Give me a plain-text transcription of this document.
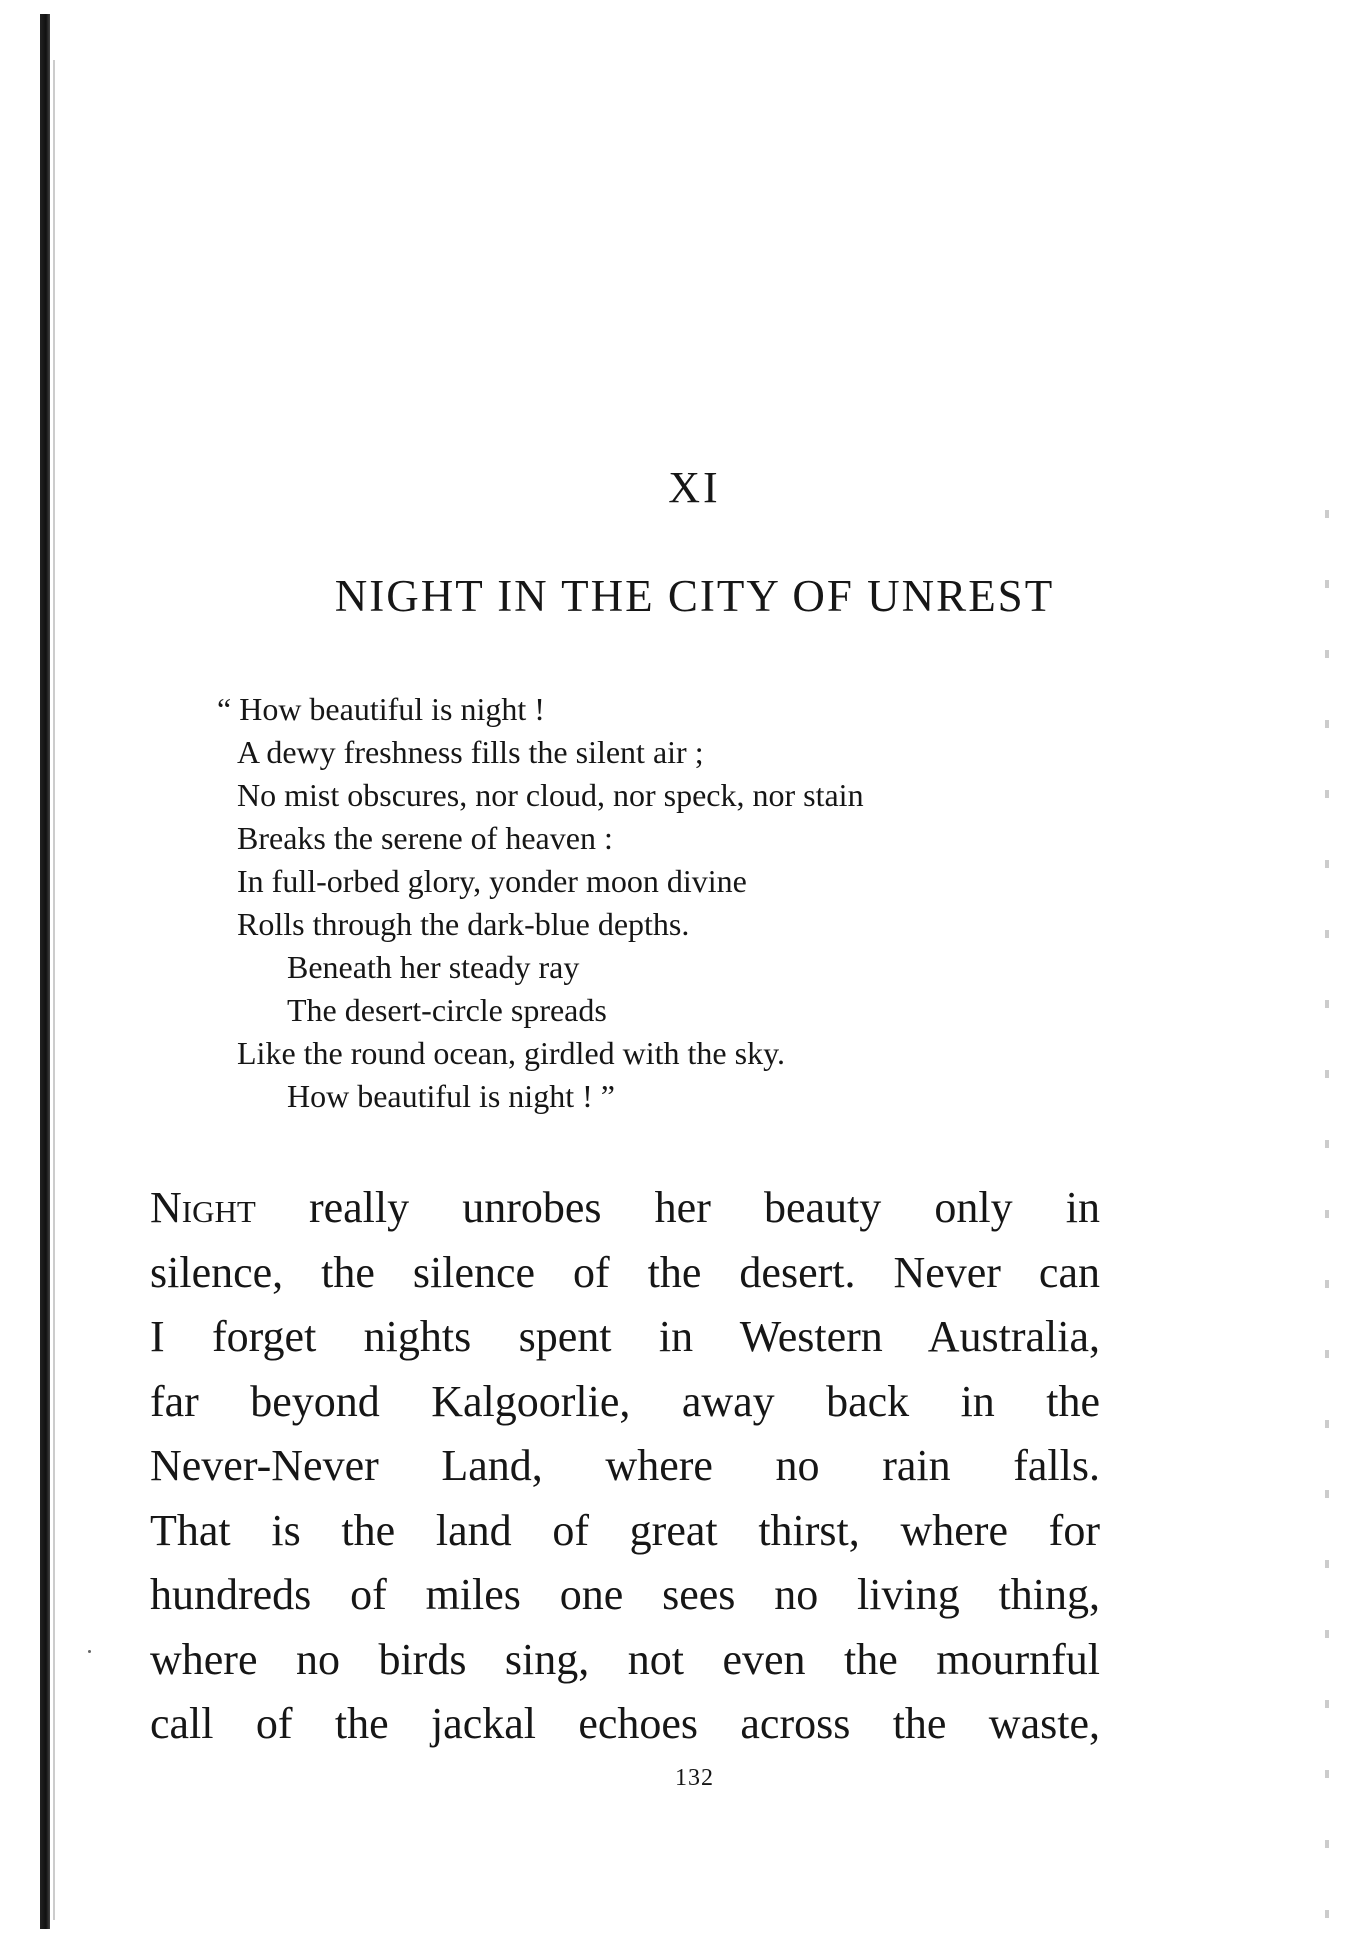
XI
NIGHT IN THE CITY OF UNREST
“ How beautiful is night !
A dewy freshness fills the silent air ;
No mist obscures, nor cloud, nor speck, nor stain
Breaks the serene of heaven :
In full-orbed glory, yonder moon divine
Rolls through the dark-blue depths.
Beneath her steady ray
The desert-circle spreads
Like the round ocean, girdled with the sky.
How beautiful is night ! ”
Night really unrobes her beauty only in
silence, the silence of the desert. Never can
I forget nights spent in Western Australia,
far beyond Kalgoorlie, away back in the
Never-Never Land, where no rain falls.
That is the land of great thirst, where for
hundreds of miles one sees no living thing,
where no birds sing, not even the mournful
call of the jackal echoes across the waste,
132
